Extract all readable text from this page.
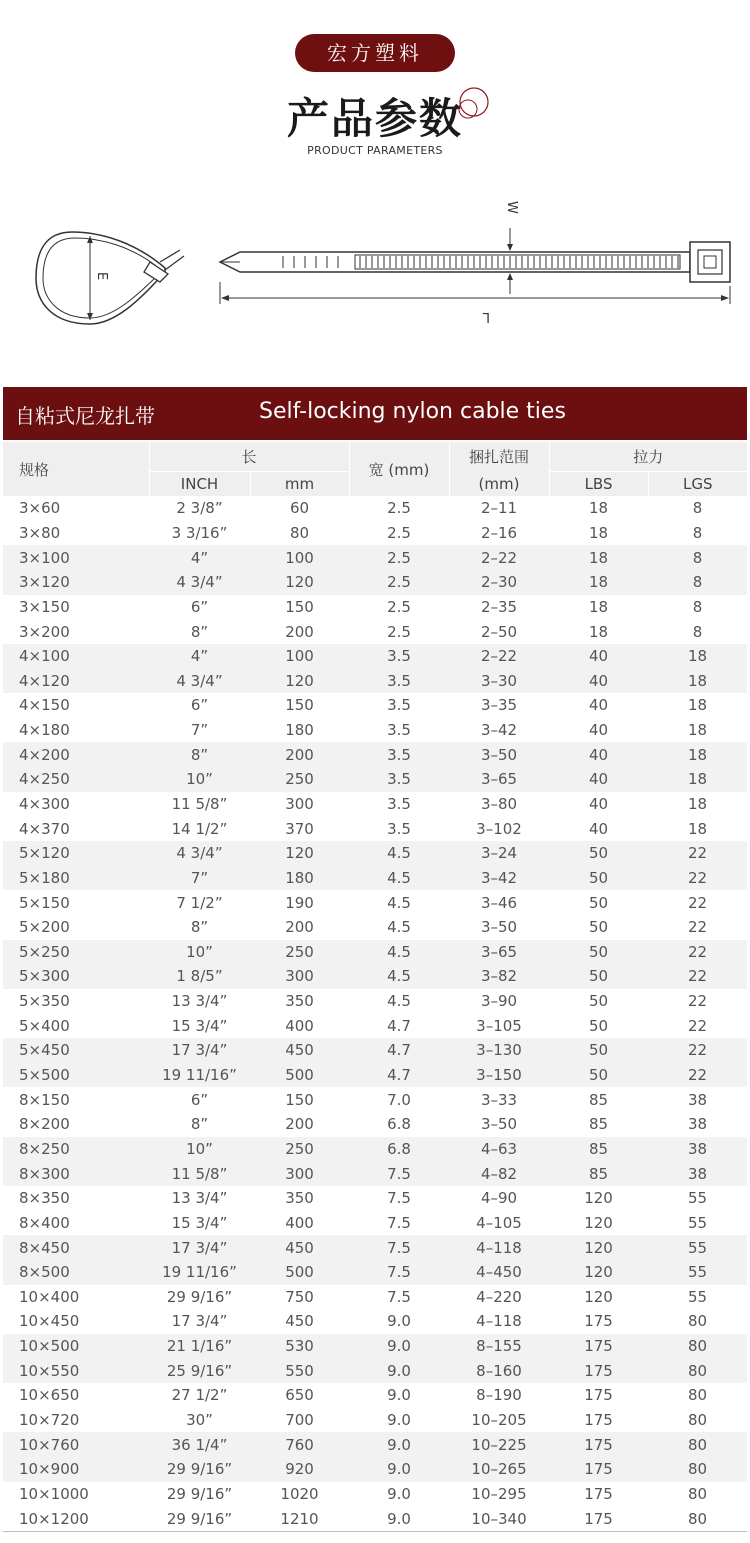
宏方塑料
产品参数
PRODUCT PARAMETERS
E
W
L
自粘式尼龙扎带	Self-locking nylon cable ties
规格	长		宽 (mm)	捆扎范围	拉力	
	INCH	mm		(mm)	LBS	LGS
3×60	2 3/8”	60	2.5	2–11	18	8
3×80	3 3/16”	80	2.5	2–16	18	8
3×100	4”	100	2.5	2–22	18	8
3×120	4 3/4”	120	2.5	2–30	18	8
3×150	6”	150	2.5	2–35	18	8
3×200	8”	200	2.5	2–50	18	8
4×100	4”	100	3.5	2–22	40	18
4×120	4 3/4”	120	3.5	3–30	40	18
4×150	6”	150	3.5	3–35	40	18
4×180	7”	180	3.5	3–42	40	18
4×200	8”	200	3.5	3–50	40	18
4×250	10”	250	3.5	3–65	40	18
4×300	11 5/8”	300	3.5	3–80	40	18
4×370	14 1/2”	370	3.5	3–102	40	18
5×120	4 3/4”	120	4.5	3–24	50	22
5×180	7”	180	4.5	3–42	50	22
5×150	7 1/2”	190	4.5	3–46	50	22
5×200	8”	200	4.5	3–50	50	22
5×250	10”	250	4.5	3–65	50	22
5×300	1 8/5”	300	4.5	3–82	50	22
5×350	13 3/4”	350	4.5	3–90	50	22
5×400	15 3/4”	400	4.7	3–105	50	22
5×450	17 3/4”	450	4.7	3–130	50	22
5×500	19 11/16”	500	4.7	3–150	50	22
8×150	6”	150	7.0	3–33	85	38
8×200	8”	200	6.8	3–50	85	38
8×250	10”	250	6.8	4–63	85	38
8×300	11 5/8”	300	7.5	4–82	85	38
8×350	13 3/4”	350	7.5	4–90	120	55
8×400	15 3/4”	400	7.5	4–105	120	55
8×450	17 3/4”	450	7.5	4–118	120	55
8×500	19 11/16”	500	7.5	4–450	120	55
10×400	29 9/16”	750	7.5	4–220	120	55
10×450	17 3/4”	450	9.0	4–118	175	80
10×500	21 1/16”	530	9.0	8–155	175	80
10×550	25 9/16”	550	9.0	8–160	175	80
10×650	27 1/2”	650	9.0	8–190	175	80
10×720	30”	700	9.0	10–205	175	80
10×760	36 1/4”	760	9.0	10–225	175	80
10×900	29 9/16”	920	9.0	10–265	175	80
10×1000	29 9/16”	1020	9.0	10–295	175	80
10×1200	29 9/16”	1210	9.0	10–340	175	80
